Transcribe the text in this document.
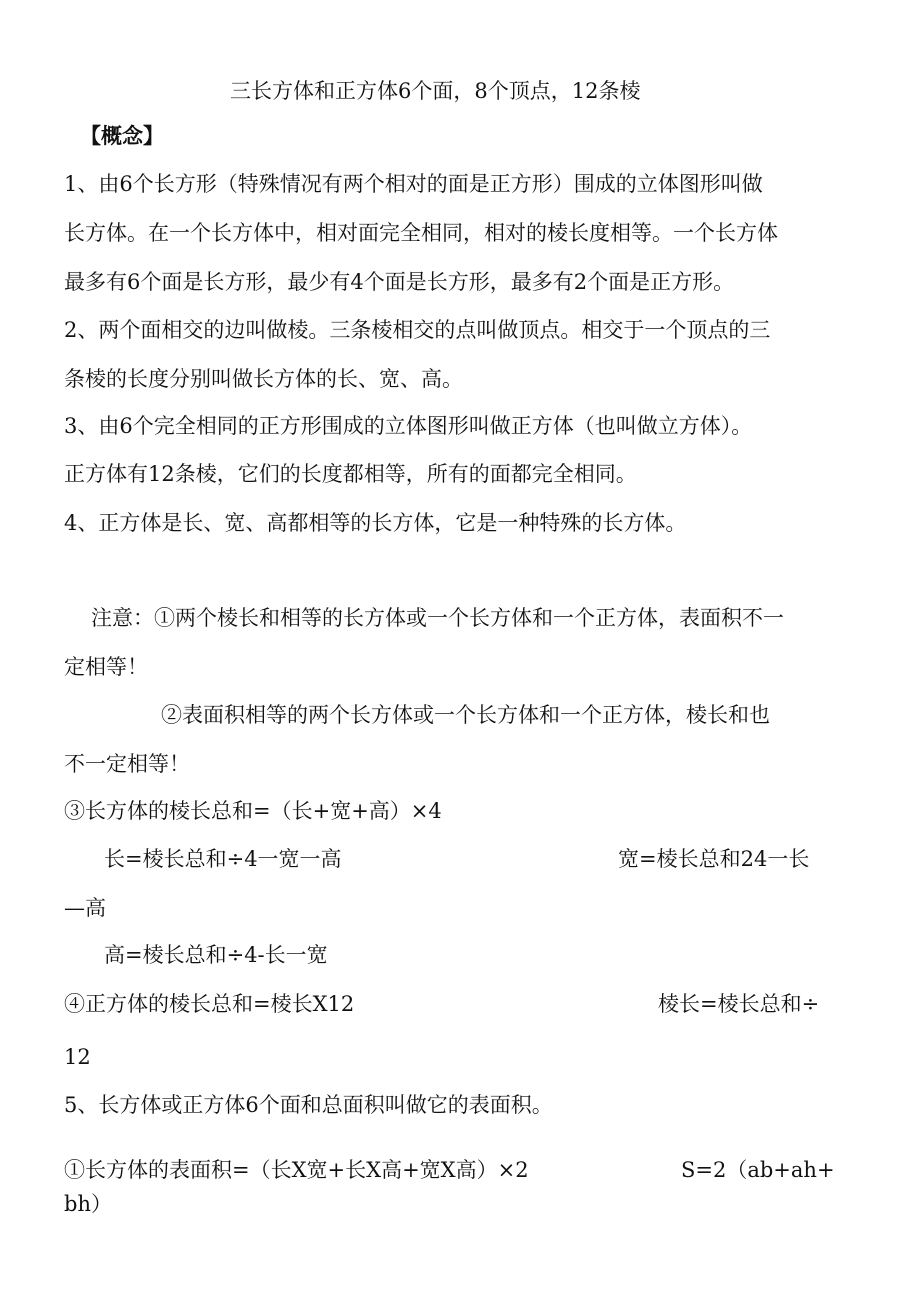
三长方体和正方体6个面，8个顶点，12条棱
【概念】
1、由6个长方形（特殊情况有两个相对的面是正方形）围成的立体图形叫做
长方体。在一个长方体中，相对面完全相同，相对的棱长度相等。一个长方体
最多有6个面是长方形，最少有4个面是长方形，最多有2个面是正方形。
2、两个面相交的边叫做棱。三条棱相交的点叫做顶点。相交于一个顶点的三
条棱的长度分别叫做长方体的长、宽、高。
3、由6个完全相同的正方形围成的立体图形叫做正方体（也叫做立方体）。
正方体有12条棱，它们的长度都相等，所有的面都完全相同。
4、正方体是长、宽、高都相等的长方体，它是一种特殊的长方体。
注意：①两个棱长和相等的长方体或一个长方体和一个正方体，表面积不一
定相等！
②表面积相等的两个长方体或一个长方体和一个正方体，棱长和也
不一定相等！
③长方体的棱长总和=（长+宽+高）×4
长=棱长总和÷4一宽一高	宽=棱长总和24一长
—高
高=棱长总和÷4-长一宽
④正方体的棱长总和=棱长X12	棱长=棱长总和÷
12
5、长方体或正方体6个面和总面积叫做它的表面积。
①长方体的表面积=（长X宽+长X高+宽X高）×2	S=2（ab+ah+
bh）
